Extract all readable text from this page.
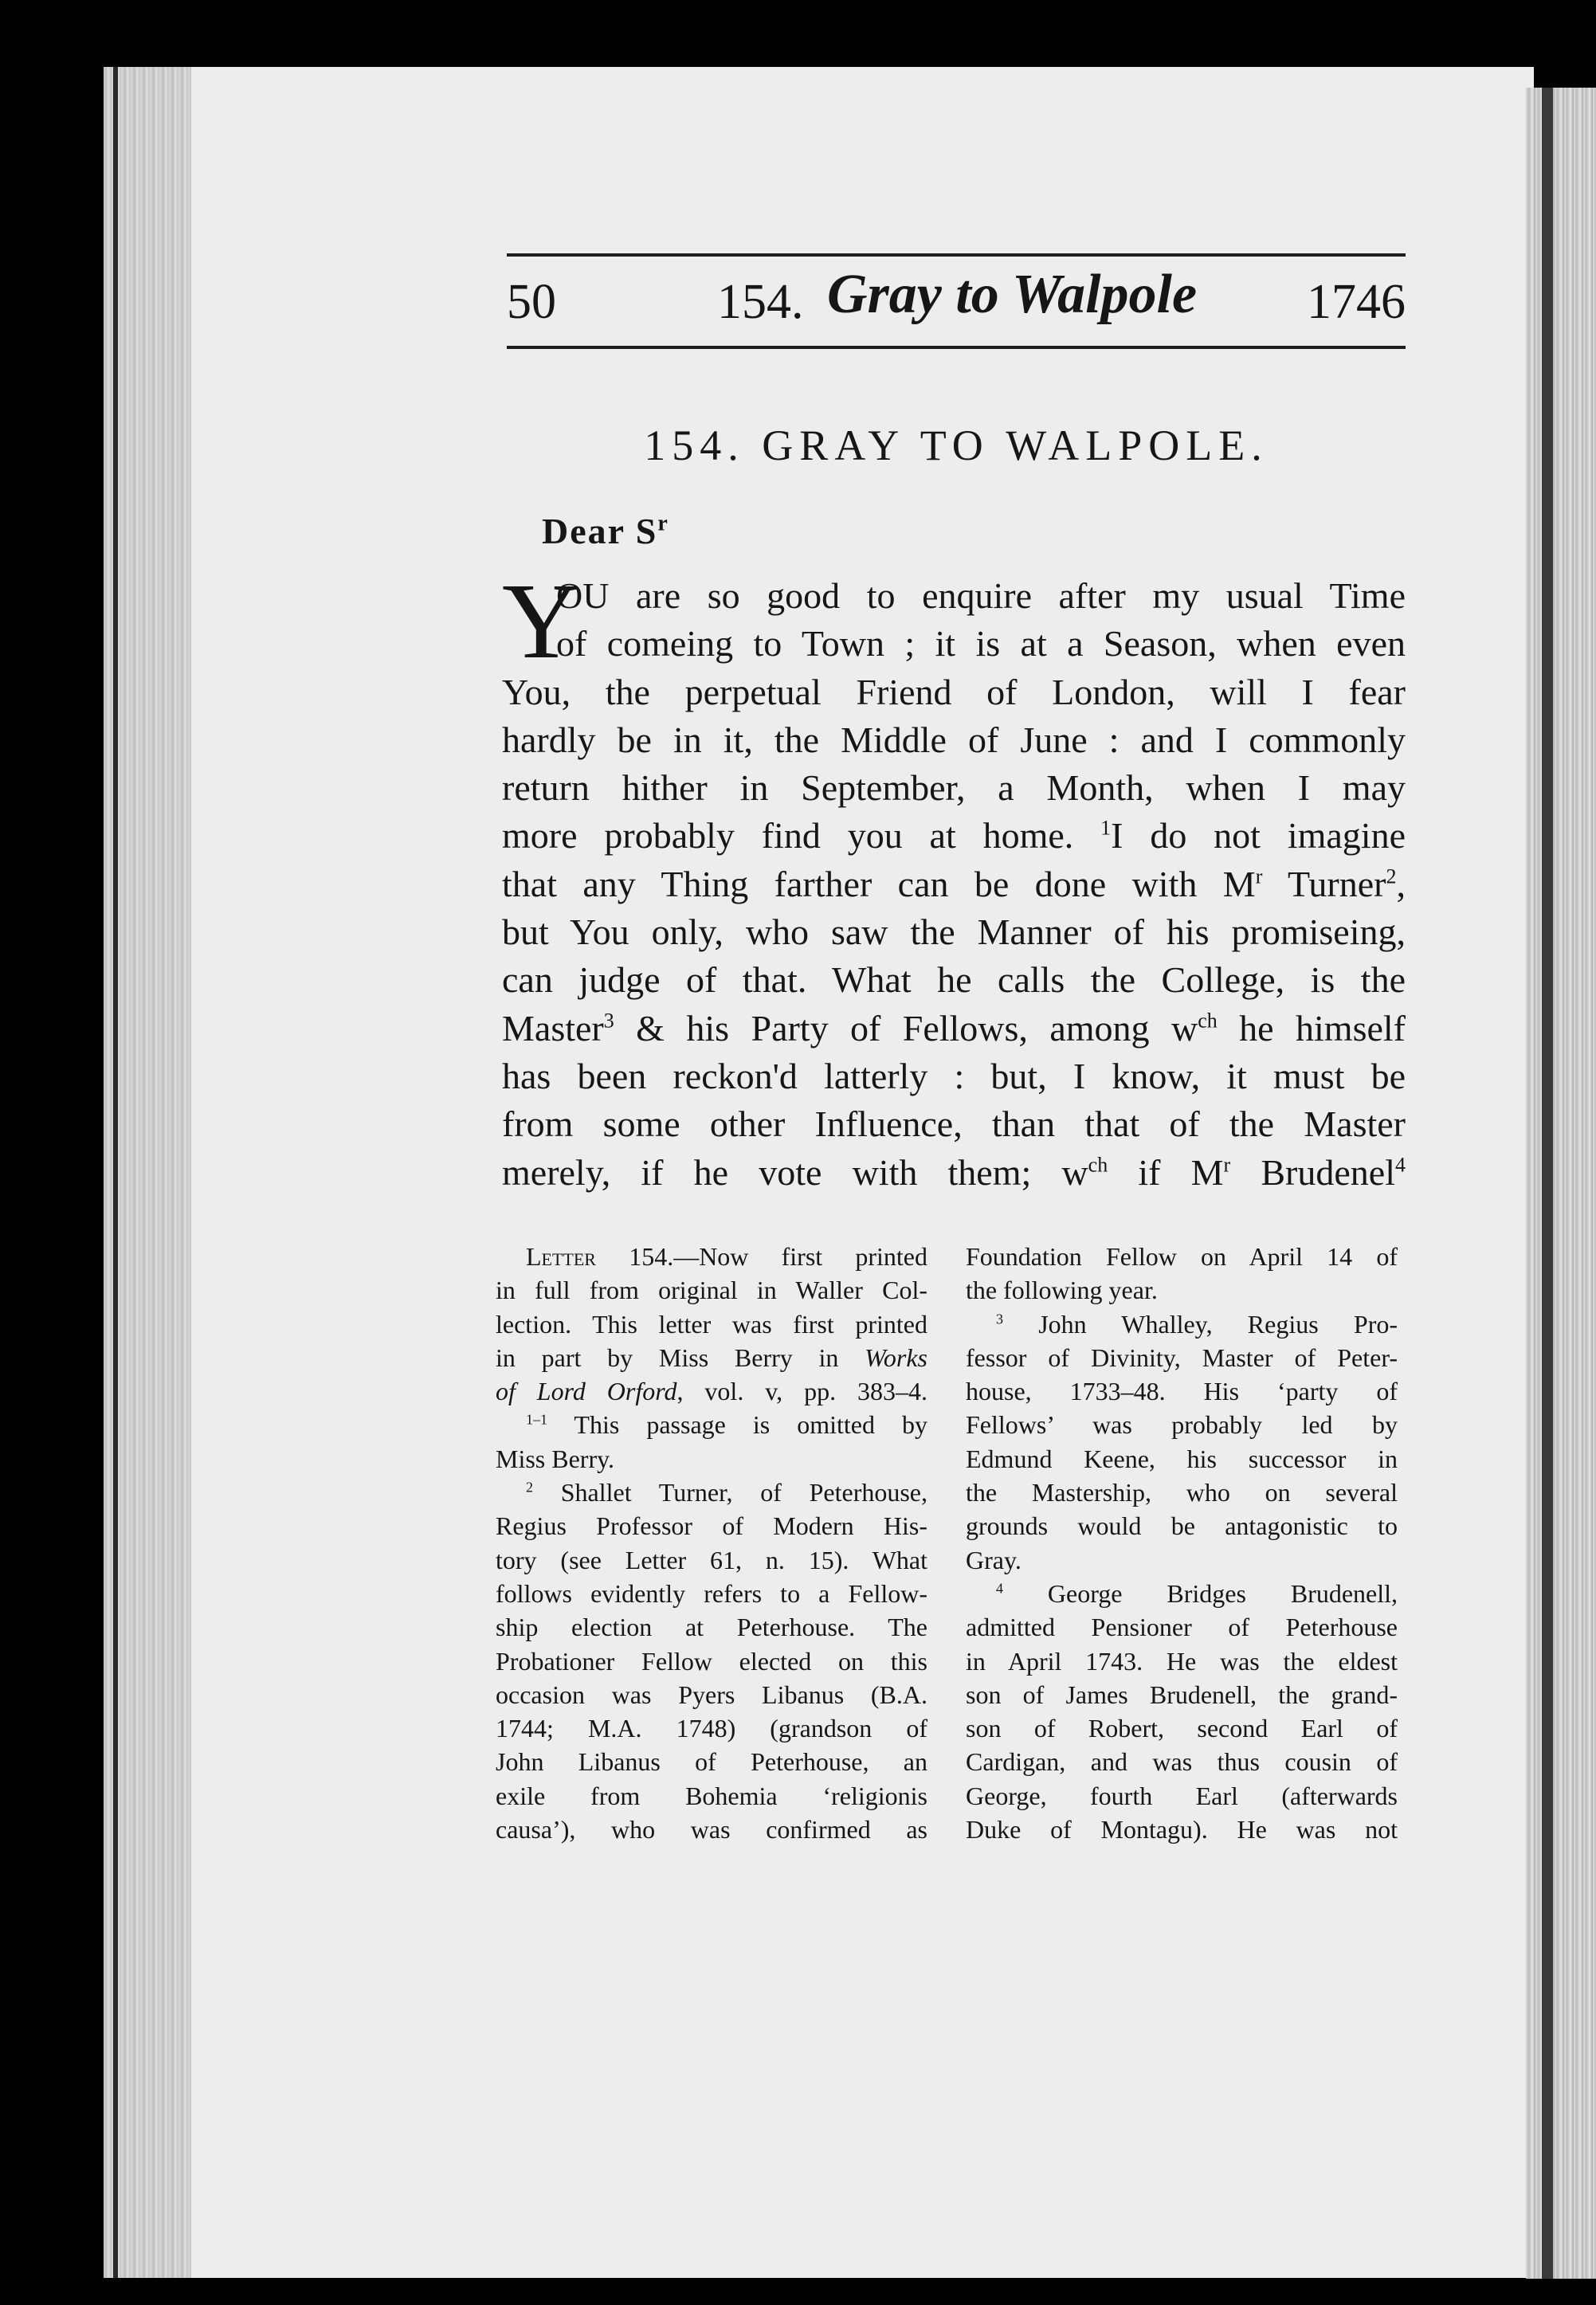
50	154. Gray to Walpole 1746
154. GRAY TO WALPOLE.
Dear $S^r$
Y
OU are so good to enquire after my usual Time
of comeing to Town ; it is at a Season, when even
You, the perpetual Friend of London, will I fear
hardly be in it, the Middle of June : and I commonly
return hither in September, a Month, when I may
more probably find you at home. $^1$I do not imagine
that any Thing farther can be done with $M^r$ Turner$^2$,
but You only, who saw the Manner of his promiseing,
can judge of that. What he calls the College, is the
Master$^3$ & his Party of Fellows, among $w^{ch}$ he himself
has been reckon'd latterly : but, I know, it must be
from some other Influence, than that of the Master
merely, if he vote with them; $w^{ch}$ if $M^r$ Brudenel$^4$
Letter 154.—Now first printed
in full from original in Waller Col-
lection. This letter was first printed
in part by Miss Berry in Works
of Lord Orford, vol. v, pp. 383–4.
$^{1-1}$ This passage is omitted by
Miss Berry.
$^2$ Shallet Turner, of Peterhouse,
Regius Professor of Modern His-
tory (see Letter 61, n. 15). What
follows evidently refers to a Fellow-
ship election at Peterhouse. The
Probationer Fellow elected on this
occasion was Pyers Libanus (B.A.
1744; M.A. 1748) (grandson of
John Libanus of Peterhouse, an
exile from Bohemia ‘religionis
causa’), who was confirmed as
Foundation Fellow on April 14 of
the following year.
$^3$ John Whalley, Regius Pro-
fessor of Divinity, Master of Peter-
house, 1733–48. His ‘party of
Fellows’ was probably led by
Edmund Keene, his successor in
the Mastership, who on several
grounds would be antagonistic to
Gray.
$^4$ George Bridges Brudenell,
admitted Pensioner of Peterhouse
in April 1743. He was the eldest
son of James Brudenell, the grand-
son of Robert, second Earl of
Cardigan, and was thus cousin of
George, fourth Earl (afterwards
Duke of Montagu). He was not
